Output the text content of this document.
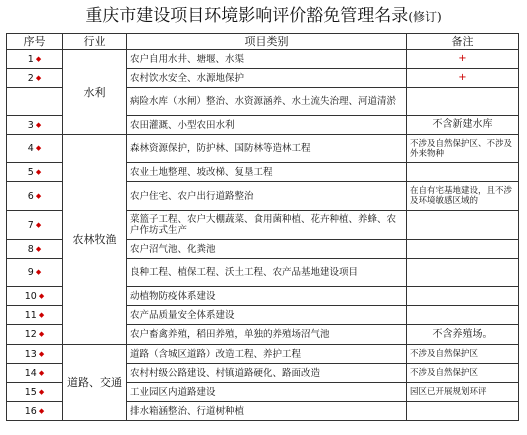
重庆市建设项目环境影响评价豁免管理名录(修订)
序号	行业	项目类别	备注
1 ◆	水利	农户自用水井、塘堰、水渠	+
2 ◆		农村饮水安全、水源地保护	+
		病险水库（水闸）整治、水资源涵养、水土流失治理、河道清淤	
3 ◆		农田灌溉、小型农田水利	不含新建水库
4 ◆	农林牧渔	森林资源保护，防护林、国防林等造林工程	不涉及自然保护区、不涉及外来物种
5 ◆		农业土地整理、坡改梯、复垦工程	
6 ◆		农户住宅、农户出行道路整治	在自有宅基地建设，且不涉及环境敏感区域的
7 ◆		菜篮子工程、农户大棚蔬菜、食用菌种植、花卉种植、养蜂、农户作坊式生产	
8 ◆		农户沼气池、化粪池	
9 ◆		良种工程、植保工程、沃土工程、农产品基地建设项目	
10 ◆		动植物防疫体系建设	
11 ◆		农产品质量安全体系建设	
12 ◆		农户畜禽养殖，稻田养殖，单独的养殖场沼气池	不含养殖场。
13 ◆	道路、交通	道路（含城区道路）改造工程、养护工程	不涉及自然保护区
14 ◆		农村村级公路建设、村镇道路硬化、路面改造	不涉及自然保护区
15 ◆		工业园区内道路建设	园区已开展规划环评
16 ◆		排水箱涵整治、行道树种植	
